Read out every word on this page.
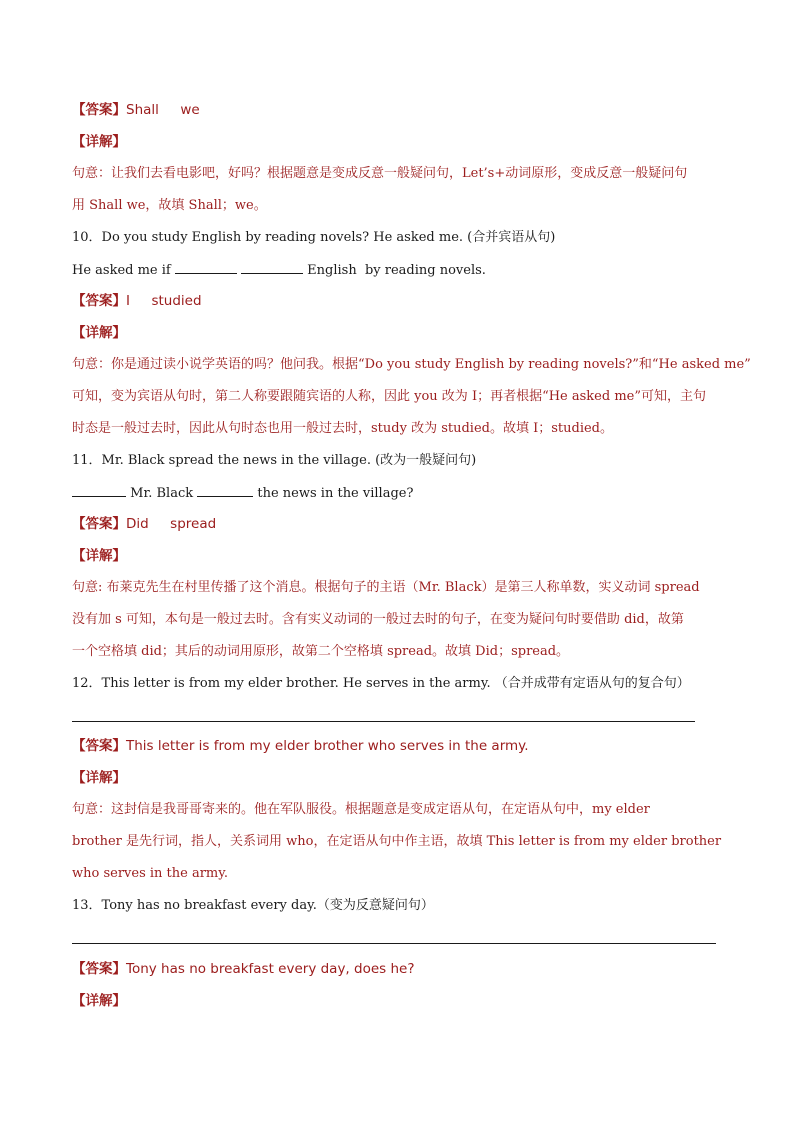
【答案】Shall     we
【详解】
句意：让我们去看电影吧，好吗？根据题意是变成反意一般疑问句，Let’s+动词原形，变成反意一般疑问句
用 Shall we，故填 Shall；we。
10．Do you study English by reading novels? He asked me. (合并宾语从句)
He asked me if	English  by reading novels.
【答案】I     studied
【详解】
句意：你是通过读小说学英语的吗？他问我。根据“Do you study English by reading novels?”和“He asked me”
可知，变为宾语从句时，第二人称要跟随宾语的人称，因此 you 改为 I；再者根据“He asked me”可知，主句
时态是一般过去时，因此从句时态也用一般过去时，study 改为 studied。故填 I；studied。
11．Mr. Black spread the news in the village. (改为一般疑问句)
Mr. Black	the news in the village?
【答案】Did     spread
【详解】
句意: 布莱克先生在村里传播了这个消息。根据句子的主语（Mr. Black）是第三人称单数，实义动词 spread
没有加 s 可知，本句是一般过去时。含有实义动词的一般过去时的句子，在变为疑问句时要借助 did，故第
一个空格填 did；其后的动词用原形，故第二个空格填 spread。故填 Did；spread。
12．This letter is from my elder brother. He serves in the army. （合并成带有定语从句的复合句）
【答案】This letter is from my elder brother who serves in the army.
【详解】
句意：这封信是我哥哥寄来的。他在军队服役。根据题意是变成定语从句，在定语从句中，my elder
brother 是先行词，指人，关系词用 who，在定语从句中作主语，故填 This letter is from my elder brother
who serves in the army.
13．Tony has no breakfast every day.（变为反意疑问句）
【答案】Tony has no breakfast every day, does he?
【详解】
